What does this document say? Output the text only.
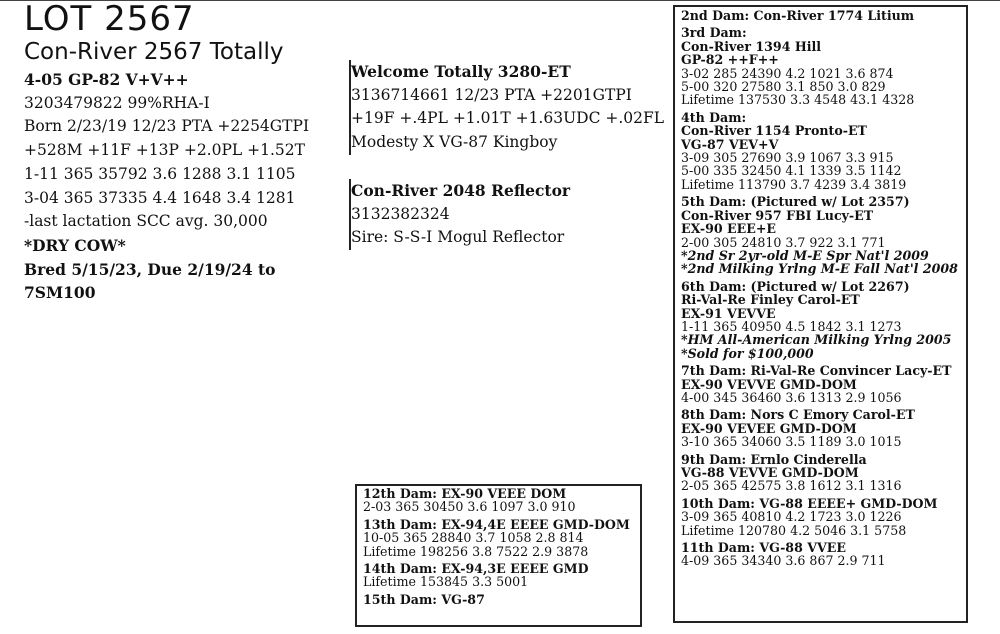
LOT 2567
Con-River 2567 Totally
4-05 GP-82 V+V++
3203479822 99%RHA-I
Born 2/23/19 12/23 PTA +2254GTPI
+528M +11F +13P +2.0PL +1.52T
1-11 365 35792 3.6 1288 3.1 1105
3-04 365 37335 4.4 1648 3.4 1281
-last lactation SCC avg. 30,000
*DRY COW*
Bred 5/15/23, Due 2/19/24 to
7SM100
Welcome Totally 3280-ET
3136714661 12/23 PTA +2201GTPI
+19F +.4PL +1.01T +1.63UDC +.02FL
Modesty X VG-87 Kingboy
Con-River 2048 Reflector
3132382324
Sire: S-S-I Mogul Reflector
2nd Dam: Con-River 1774 Litium
3rd Dam:
Con-River 1394 Hill
GP-82 ++F++
3-02 285 24390 4.2 1021 3.6 874
5-00 320 27580 3.1 850 3.0 829
Lifetime 137530 3.3 4548 43.1 4328
4th Dam:
Con-River 1154 Pronto-ET
VG-87 VEV+V
3-09 305 27690 3.9 1067 3.3 915
5-00 335 32450 4.1 1339 3.5 1142
Lifetime 113790 3.7 4239 3.4 3819
5th Dam: (Pictured w/ Lot 2357)
Con-River 957 FBI Lucy-ET
EX-90 EEE+E
2-00 305 24810 3.7 922 3.1 771
*2nd Sr 2yr-old M-E Spr Nat'l 2009
*2nd Milking Yrlng M-E Fall Nat'l 2008
6th Dam: (Pictured w/ Lot 2267)
Ri-Val-Re Finley Carol-ET
EX-91 VEVVE
1-11 365 40950 4.5 1842 3.1 1273
*HM All-American Milking Yrlng 2005
*Sold for $100,000
7th Dam: Ri-Val-Re Convincer Lacy-ET
EX-90 VEVVE GMD-DOM
4-00 345 36460 3.6 1313 2.9 1056
8th Dam: Nors C Emory Carol-ET
EX-90 VEVEE GMD-DOM
3-10 365 34060 3.5 1189 3.0 1015
9th Dam: Ernlo Cinderella
VG-88 VEVVE GMD-DOM
2-05 365 42575 3.8 1612 3.1 1316
10th Dam: VG-88 EEEE+ GMD-DOM
3-09 365 40810 4.2 1723 3.0 1226
Lifetime 120780 4.2 5046 3.1 5758
11th Dam: VG-88 VVEE
4-09 365 34340 3.6 867 2.9 711
12th Dam: EX-90 VEEE DOM
2-03 365 30450 3.6 1097 3.0 910
13th Dam: EX-94,4E EEEE GMD-DOM
10-05 365 28840 3.7 1058 2.8 814
Lifetime 198256 3.8 7522 2.9 3878
14th Dam: EX-94,3E EEEE GMD
Lifetime 153845 3.3 5001
15th Dam: VG-87
